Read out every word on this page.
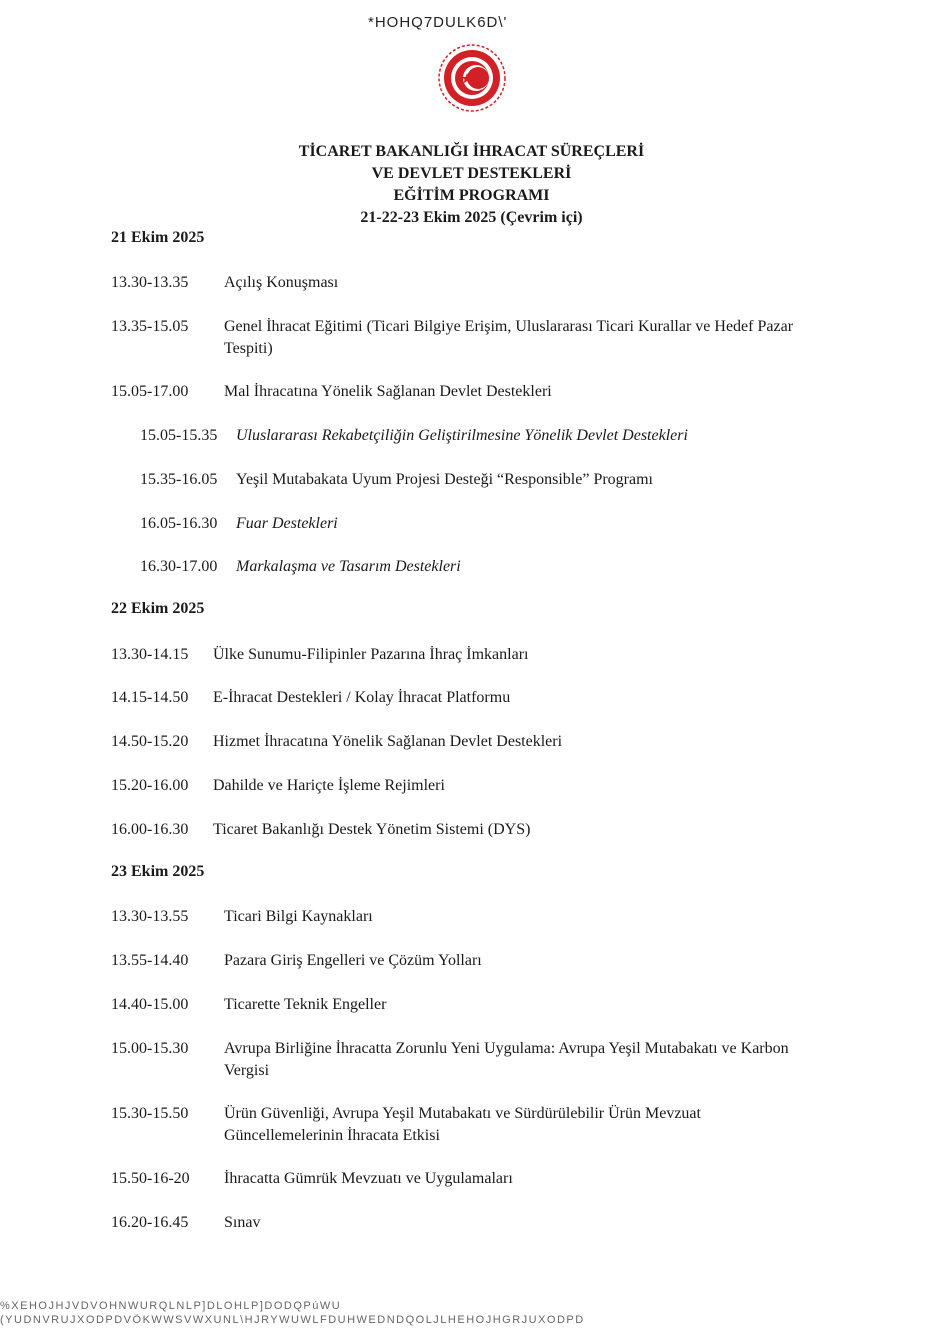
*HOHQ7DULK6D\'
TİCARET BAKANLIĞI İHRACAT SÜREÇLERİ
VE DEVLET DESTEKLERİ
EĞİTİM PROGRAMI
21-22-23 Ekim 2025 (Çevrim içi)
21 Ekim 2025
13.30-13.35 Açılış Konuşması
13.35-15.05 Genel İhracat Eğitimi (Ticari Bilgiye Erişim, Uluslararası Ticari Kurallar ve Hedef Pazar Tespiti)
15.05-17.00 Mal İhracatına Yönelik Sağlanan Devlet Destekleri
15.05-15.35 Uluslararası Rekabetçiliğin Geliştirilmesine Yönelik Devlet Destekleri
15.35-16.05 Yeşil Mutabakata Uyum Projesi Desteği “Responsible” Programı
16.05-16.30 Fuar Destekleri
16.30-17.00 Markalaşma ve Tasarım Destekleri
22 Ekim 2025
13.30-14.15 Ülke Sunumu-Filipinler Pazarına İhraç İmkanları
14.15-14.50 E-İhracat Destekleri / Kolay İhracat Platformu
14.50-15.20 Hizmet İhracatına Yönelik Sağlanan Devlet Destekleri
15.20-16.00 Dahilde ve Hariçte İşleme Rejimleri
16.00-16.30 Ticaret Bakanlığı Destek Yönetim Sistemi (DYS)
23 Ekim 2025
13.30-13.55 Ticari Bilgi Kaynakları
13.55-14.40 Pazara Giriş Engelleri ve Çözüm Yolları
14.40-15.00 Ticarette Teknik Engeller
15.00-15.30 Avrupa Birliğine İhracatta Zorunlu Yeni Uygulama: Avrupa Yeşil Mutabakatı ve Karbon Vergisi
15.30-15.50 Ürün Güvenliği, Avrupa Yeşil Mutabakatı ve Sürdürülebilir Ürün Mevzuat Güncellemelerinin İhracata Etkisi
15.50-16-20 İhracatta Gümrük Mevzuatı ve Uygulamaları
16.20-16.45 Sınav
%XEHOJHJVDVOHNWURQLNLP]DLOHLP]DODQPúWU
(YUDNVRUJXODPDVÕKWWSVWXUNL\HJRYWUWLFDUHWEDNDQOLJLHEHOJHGRJUXODPD
